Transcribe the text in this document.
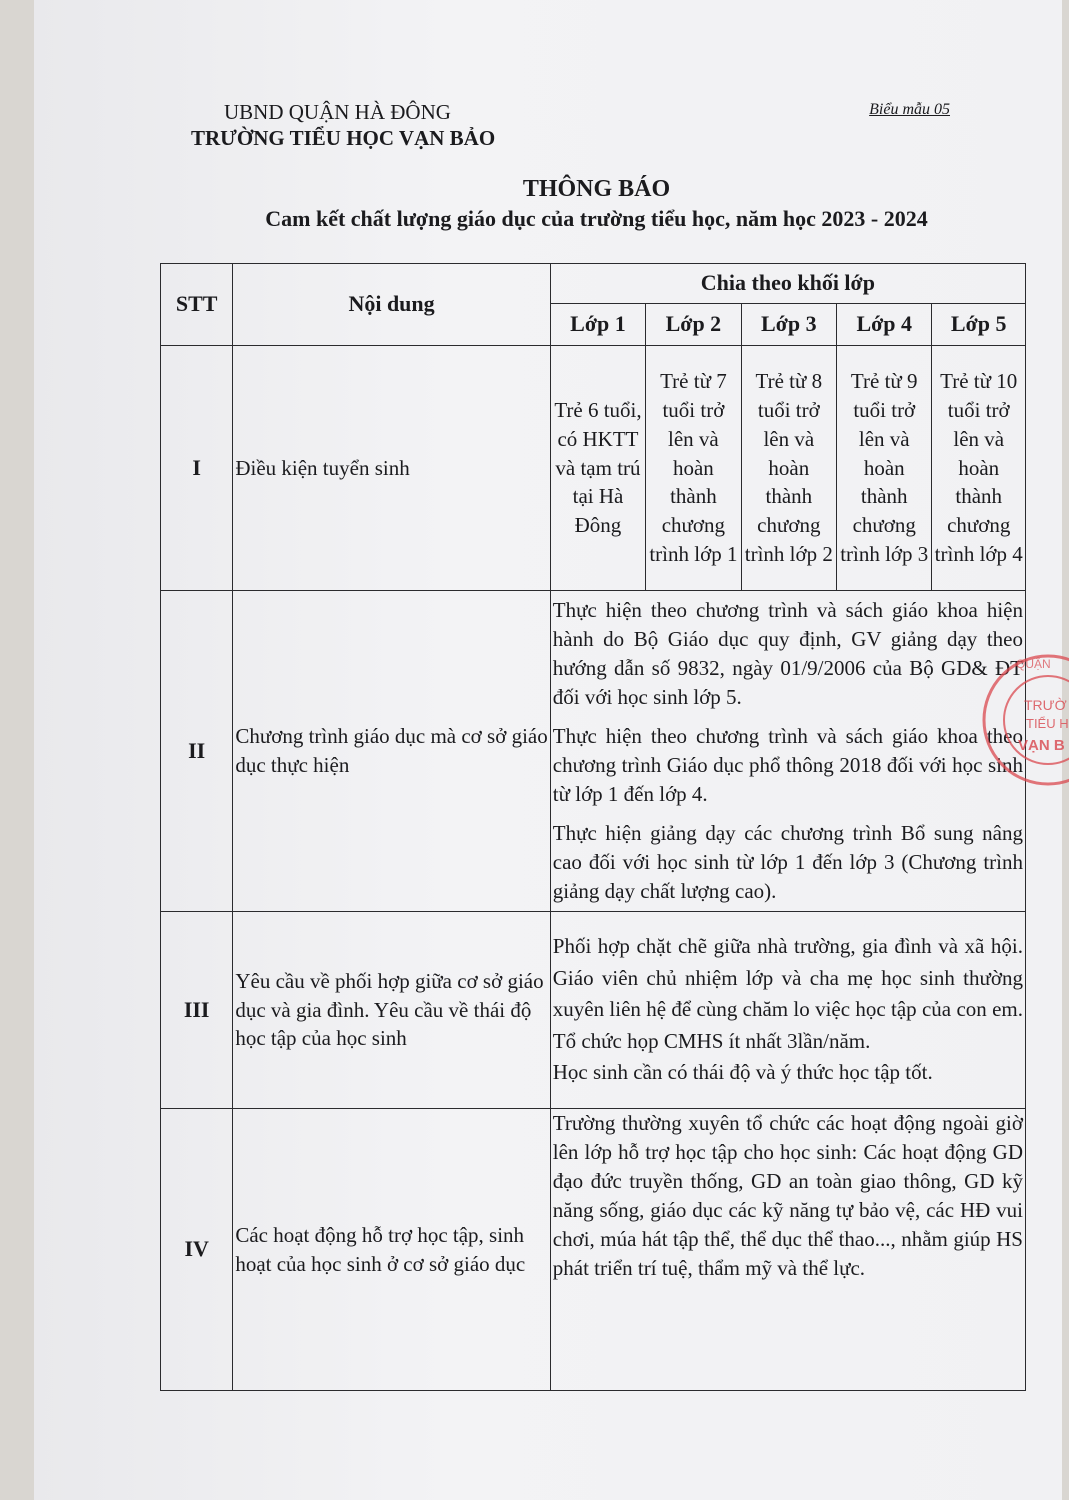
UBND QUẬN HÀ ĐÔNG
TRƯỜNG TIỂU HỌC VẠN BẢO
Biểu mẫu 05
THÔNG BÁO
Cam kết chất lượng giáo dục của trường tiểu học, năm học 2023 - 2024
STT	Nội dung	Chia theo khối lớp				
		Lớp 1	Lớp 2	Lớp 3	Lớp 4	Lớp 5
I	Điều kiện tuyển sinh	Trẻ 6 tuổi, có HKTT và tạm trú tại Hà Đông	Trẻ từ 7 tuổi trở lên và hoàn thành chương trình lớp 1	Trẻ từ 8 tuổi trở lên và hoàn thành chương trình lớp 2	Trẻ từ 9 tuổi trở lên và hoàn thành chương trình lớp 3	Trẻ từ 10 tuổi trở lên và hoàn thành chương trình lớp 4
II	Chương trình giáo dục mà cơ sở giáo dục thực hiện	Thực hiện theo chương trình và sách giáo khoa hiện hành do Bộ Giáo dục quy định, GV giảng dạy theo hướng dẫn số 9832, ngày 01/9/2006 của Bộ GD& ĐT đối với học sinh lớp 5.

Thực hiện theo chương trình và sách giáo khoa theo chương trình Giáo dục phổ thông 2018 đối với học sinh từ lớp 1 đến lớp 4.

Thực hiện giảng dạy các chương trình Bổ sung nâng cao đối với học sinh từ lớp 1 đến lớp 3 (Chương trình giảng dạy chất lượng cao).				

III	Yêu cầu về phối hợp giữa cơ sở giáo dục và gia đình. Yêu cầu về thái độ học tập của học sinh	Phối hợp chặt chẽ giữa nhà trường, gia đình và xã hội. Giáo viên chủ nhiệm lớp và cha mẹ học sinh thường xuyên liên hệ để cùng chăm lo việc học tập của con em. Tổ chức họp CMHS ít nhất 3lần/năm.

Học sinh cần có thái độ và ý thức học tập tốt.				

IV	Các hoạt động hỗ trợ học tập, sinh hoạt của học sinh ở cơ sở giáo dục	Trường thường xuyên tổ chức các hoạt động ngoài giờ lên lớp hỗ trợ học tập cho học sinh: Các hoạt động GD đạo đức truyền thống, GD an toàn giao thông, GD kỹ năng sống, giáo dục các kỹ năng tự bảo vệ, các HĐ vui chơi, múa hát tập thể, thể dục thể thao..., nhằm giúp HS phát triển trí tuệ, thẩm mỹ và thể lực.				

TRƯỜ
TIỂU H
VẠN B
QUẬN
